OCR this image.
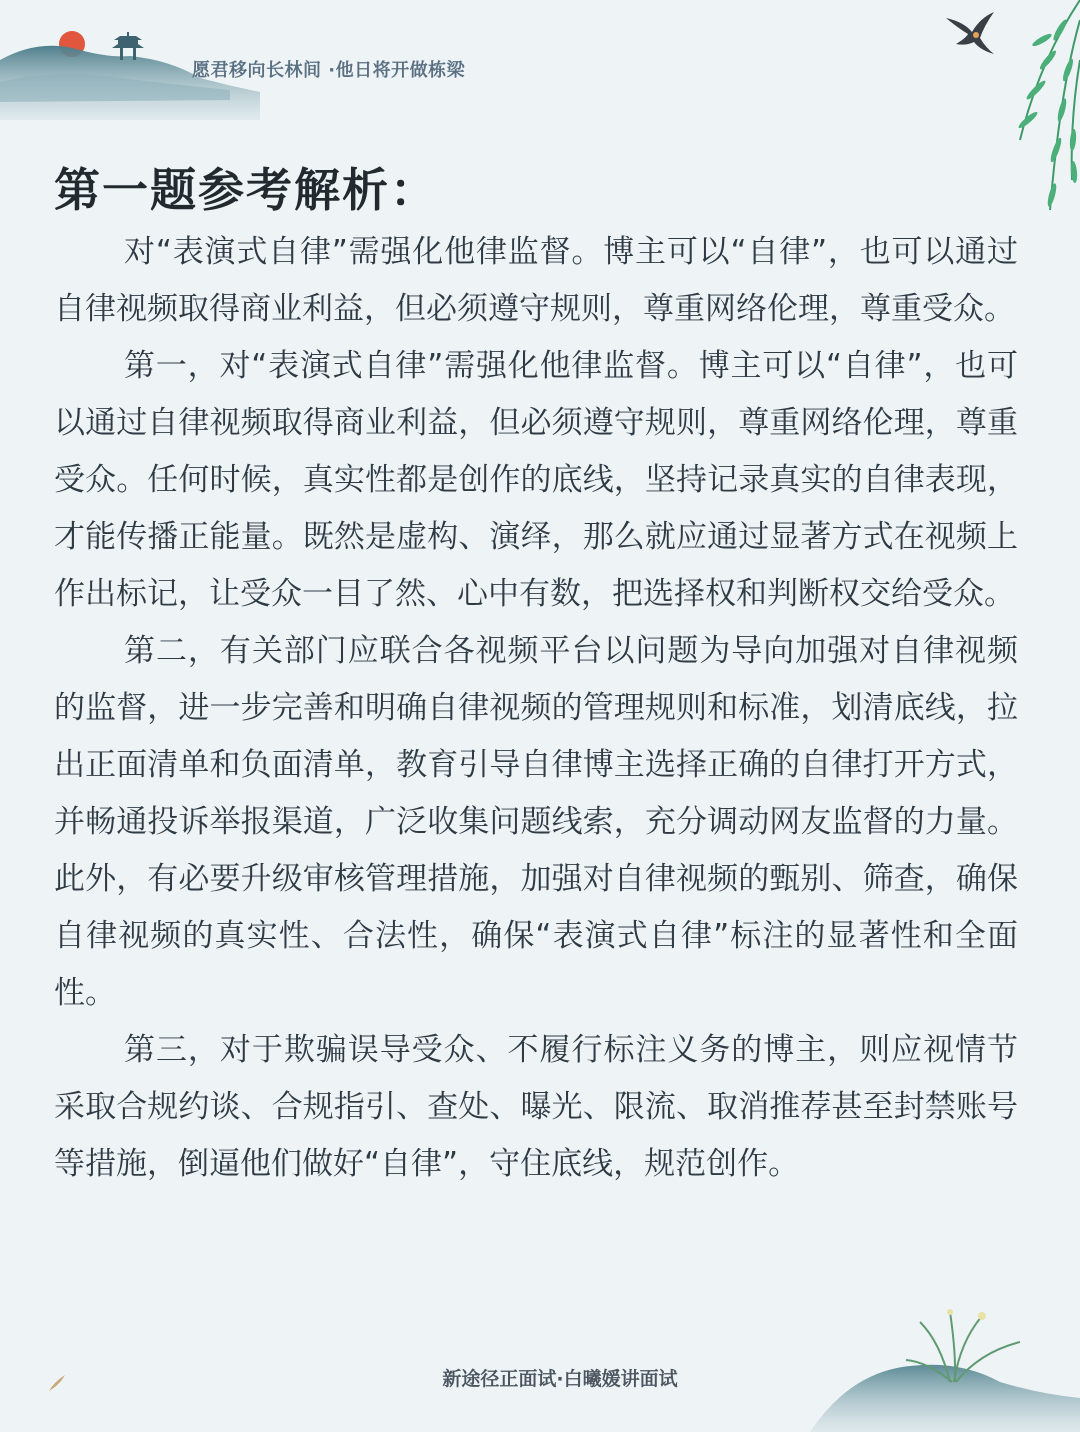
愿君移向长林间 ·他日将开做栋梁
第一题参考解析：

对“表演式自律”需强化他律监督。博主可以“自律”，也可以通过自律视频取得商业利益，但必须遵守规则，尊重网络伦理，尊重受众。

第一，对“表演式自律”需强化他律监督。博主可以“自律”，也可以通过自律视频取得商业利益，但必须遵守规则，尊重网络伦理，尊重受众。任何时候，真实性都是创作的底线，坚持记录真实的自律表现，才能传播正能量。既然是虚构、演绎，那么就应通过显著方式在视频上作出标记，让受众一目了然、心中有数，把选择权和判断权交给受众。

第二，有关部门应联合各视频平台以问题为导向加强对自律视频的监督，进一步完善和明确自律视频的管理规则和标准，划清底线，拉出正面清单和负面清单，教育引导自律博主选择正确的自律打开方式，并畅通投诉举报渠道，广泛收集问题线索，充分调动网友监督的力量。此外，有必要升级审核管理措施，加强对自律视频的甄别、筛查，确保自律视频的真实性、合法性，确保“表演式自律”标注的显著性和全面性。

第三，对于欺骗误导受众、不履行标注义务的博主，则应视情节采取合规约谈、合规指引、查处、曝光、限流、取消推荐甚至封禁账号等措施，倒逼他们做好“自律”，守住底线，规范创作。

新途径正面试·白曦媛讲面试
